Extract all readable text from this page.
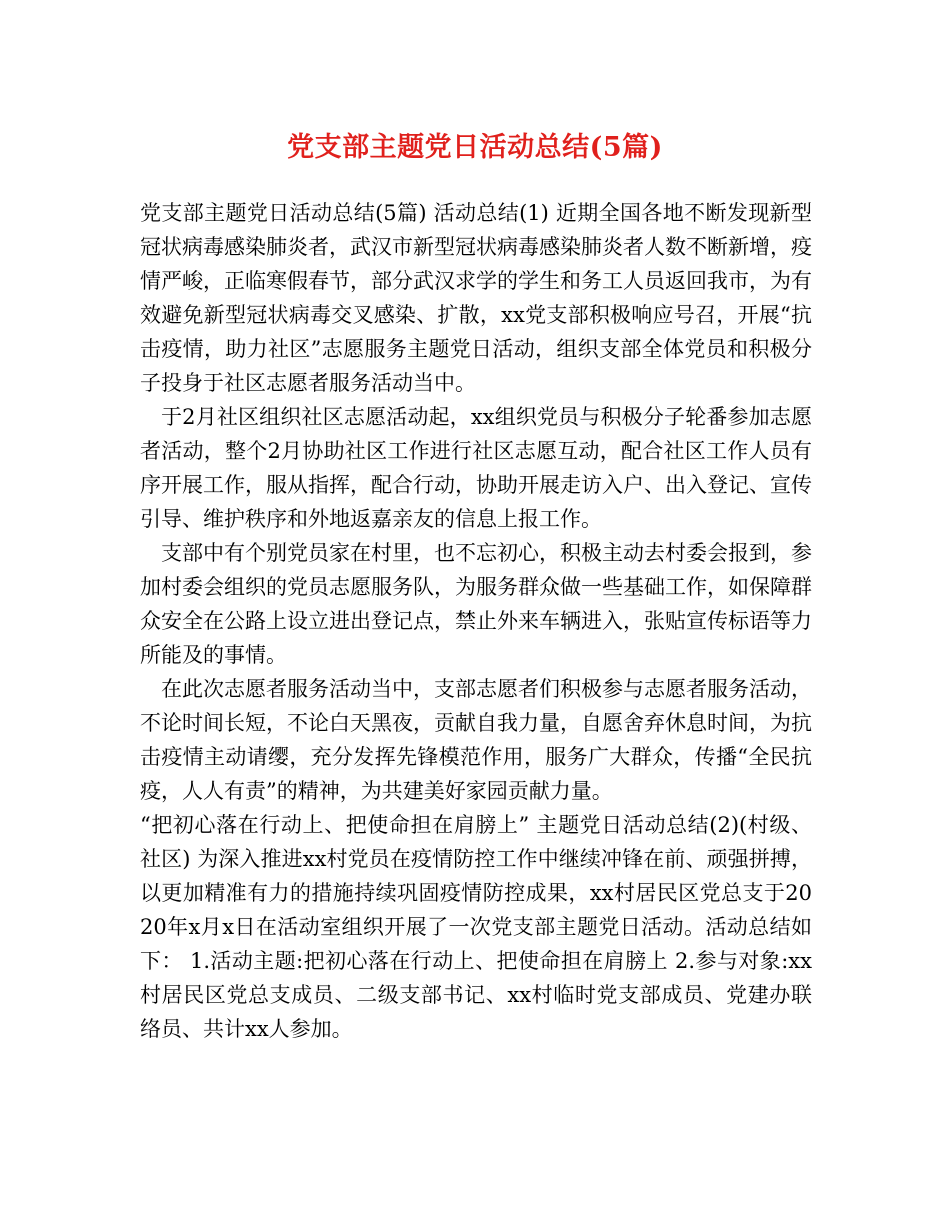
党支部主题党日活动总结(5篇)

党支部主题党日活动总结(5篇) 活动总结(1) 近期全国各地不断发现新型冠状病毒感染肺炎者，武汉市新型冠状病毒感染肺炎者人数不断新增，疫情严峻，正临寒假春节，部分武汉求学的学生和务工人员返回我市，为有效避免新型冠状病毒交叉感染、扩散，xx党支部积极响应号召，开展“抗击疫情，助力社区”志愿服务主题党日活动，组织支部全体党员和积极分子投身于社区志愿者服务活动当中。

于2月社区组织社区志愿活动起，xx组织党员与积极分子轮番参加志愿者活动，整个2月协助社区工作进行社区志愿互动，配合社区工作人员有序开展工作，服从指挥，配合行动，协助开展走访入户、出入登记、宣传引导、维护秩序和外地返嘉亲友的信息上报工作。

支部中有个别党员家在村里，也不忘初心，积极主动去村委会报到，参加村委会组织的党员志愿服务队，为服务群众做一些基础工作，如保障群众安全在公路上设立进出登记点，禁止外来车辆进入，张贴宣传标语等力所能及的事情。

在此次志愿者服务活动当中，支部志愿者们积极参与志愿者服务活动，不论时间长短，不论白天黑夜，贡献自我力量，自愿舍弃休息时间，为抗击疫情主动请缨，充分发挥先锋模范作用，服务广大群众，传播“全民抗疫，人人有责”的精神，为共建美好家园贡献力量。

“把初心落在行动上、把使命担在肩膀上” 主题党日活动总结(2)(村级、社区) 为深入推进xx村党员在疫情防控工作中继续冲锋在前、顽强拼搏，以更加精准有力的措施持续巩固疫情防控成果，xx村居民区党总支于2020年x月x日在活动室组织开展了一次党支部主题党日活动。活动总结如下： 1.活动主题:把初心落在行动上、把使命担在肩膀上 2.参与对象:xx村居民区党总支成员、二级支部书记、xx村临时党支部成员、党建办联络员、共计xx人参加。
